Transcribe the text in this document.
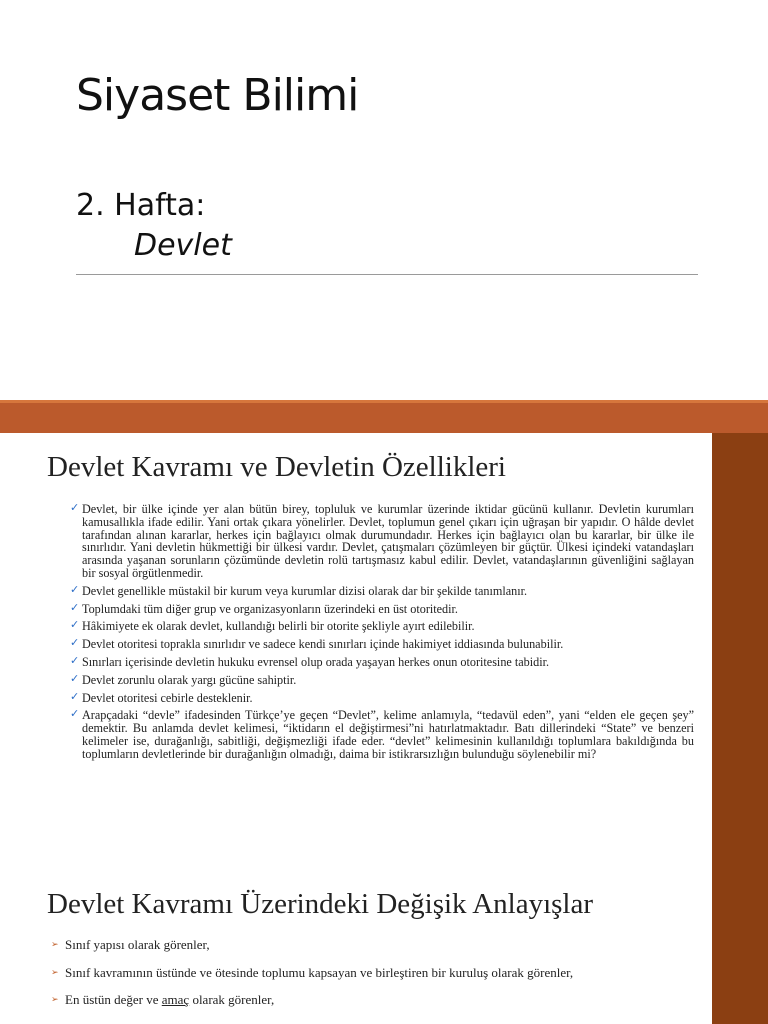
Siyaset Bilimi
2. Hafta:
Devlet
Devlet Kavramı ve Devletin Özellikleri
✓ Devlet, bir ülke içinde yer alan bütün birey, topluluk ve kurumlar üzerinde iktidar gücünü kullanır. Devletin kurumları kamusallıkla ifade edilir. Yani ortak çıkara yönelirler. Devlet, toplumun genel çıkarı için uğraşan bir yapıdır. O hâlde devlet tarafından alınan kararlar, herkes için bağlayıcı olmak durumundadır. Herkes için bağlayıcı olan bu kararlar, bir ülke ile sınırlıdır. Yani devletin hükmettiği bir ülkesi vardır. Devlet, çatışmaları çözümleyen bir güçtür. Ülkesi içindeki vatandaşları arasında yaşanan sorunların çözümünde devletin rolü tartışmasız kabul edilir. Devlet, vatandaşlarının güvenliğini sağlayan bir sosyal örgütlenmedir.
✓ Devlet genellikle müstakil bir kurum veya kurumlar dizisi olarak dar bir şekilde tanımlanır.
✓ Toplumdaki tüm diğer grup ve organizasyonların üzerindeki en üst otoritedir.
✓ Hâkimiyete ek olarak devlet, kullandığı belirli bir otorite şekliyle ayırt edilebilir.
✓ Devlet otoritesi toprakla sınırlıdır ve sadece kendi sınırları içinde hakimiyet iddiasında bulunabilir.
✓ Sınırları içerisinde devletin hukuku evrensel olup orada yaşayan herkes onun otoritesine tabidir.
✓ Devlet zorunlu olarak yargı gücüne sahiptir.
✓ Devlet otoritesi cebirle desteklenir.
✓ Arapçadaki “devle” ifadesinden Türkçe’ye geçen “Devlet”, kelime anlamıyla, “tedavül eden”, yani “elden ele geçen şey” demektir. Bu anlamda devlet kelimesi, “iktidarın el değiştirmesi”ni hatırlatmaktadır. Batı dillerindeki “State” ve benzeri kelimeler ise, durağanlığı, sabitliği, değişmezliği ifade eder. “devlet” kelimesinin kullanıldığı toplumlara bakıldığında bu toplumların devletlerinde bir durağanlığın olmadığı, daima bir istikrarsızlığın bulunduğu söylenebilir mi?
Devlet Kavramı Üzerindeki Değişik Anlayışlar
➢ Sınıf yapısı olarak görenler,
➢ Sınıf kavramının üstünde ve ötesinde toplumu kapsayan ve birleştiren bir kuruluş olarak görenler,
➢ En üstün değer ve amaç olarak görenler,
